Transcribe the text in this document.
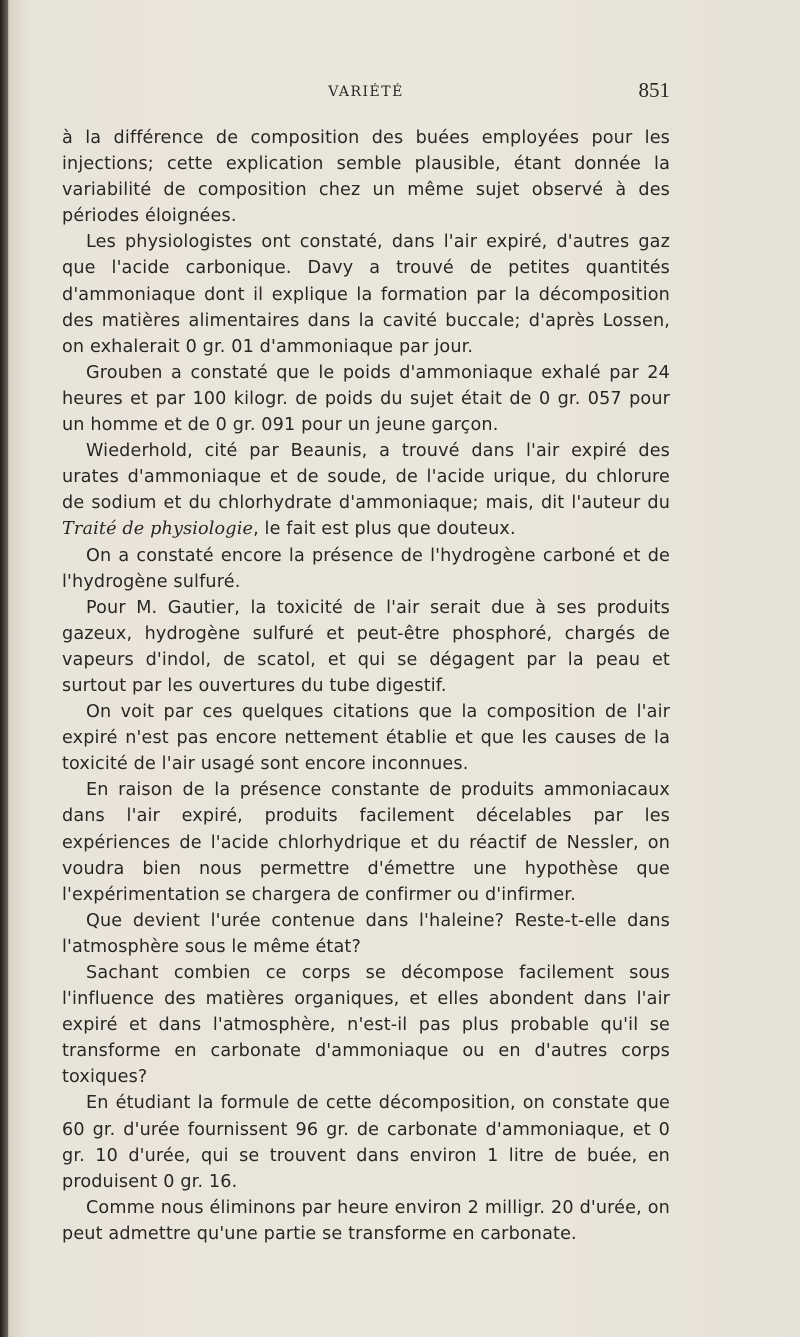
VARIÉTÉ	851

à la différence de composition des buées employées pour les injections; cette explication semble plausible, étant donnée la variabilité de composition chez un même sujet observé à des périodes éloignées.

Les physiologistes ont constaté, dans l'air expiré, d'autres gaz que l'acide carbonique. Davy a trouvé de petites quantités d'ammoniaque dont il explique la formation par la décomposition des matières alimentaires dans la cavité buccale; d'après Lossen, on exhalerait 0 gr. 01 d'ammoniaque par jour.

Grouben a constaté que le poids d'ammoniaque exhalé par 24 heures et par 100 kilogr. de poids du sujet était de 0 gr. 057 pour un homme et de 0 gr. 091 pour un jeune garçon.

Wiederhold, cité par Beaunis, a trouvé dans l'air expiré des urates d'ammoniaque et de soude, de l'acide urique, du chlorure de sodium et du chlorhydrate d'ammoniaque; mais, dit l'auteur du Traité de physiologie, le fait est plus que douteux.

On a constaté encore la présence de l'hydrogène carboné et de l'hydrogène sulfuré.

Pour M. Gautier, la toxicité de l'air serait due à ses produits gazeux, hydrogène sulfuré et peut-être phosphoré, chargés de vapeurs d'indol, de scatol, et qui se dégagent par la peau et surtout par les ouvertures du tube digestif.

On voit par ces quelques citations que la composition de l'air expiré n'est pas encore nettement établie et que les causes de la toxicité de l'air usagé sont encore inconnues.

En raison de la présence constante de produits ammoniacaux dans l'air expiré, produits facilement décelables par les expériences de l'acide chlorhydrique et du réactif de Nessler, on voudra bien nous permettre d'émettre une hypothèse que l'expérimentation se chargera de confirmer ou d'infirmer.

Que devient l'urée contenue dans l'haleine? Reste-t-elle dans l'atmosphère sous le même état?

Sachant combien ce corps se décompose facilement sous l'influence des matières organiques, et elles abondent dans l'air expiré et dans l'atmosphère, n'est-il pas plus probable qu'il se transforme en carbonate d'ammoniaque ou en d'autres corps toxiques?

En étudiant la formule de cette décomposition, on constate que 60 gr. d'urée fournissent 96 gr. de carbonate d'ammoniaque, et 0 gr. 10 d'urée, qui se trouvent dans environ 1 litre de buée, en produisent 0 gr. 16.

Comme nous éliminons par heure environ 2 milligr. 20 d'urée, on peut admettre qu'une partie se transforme en carbonate.
